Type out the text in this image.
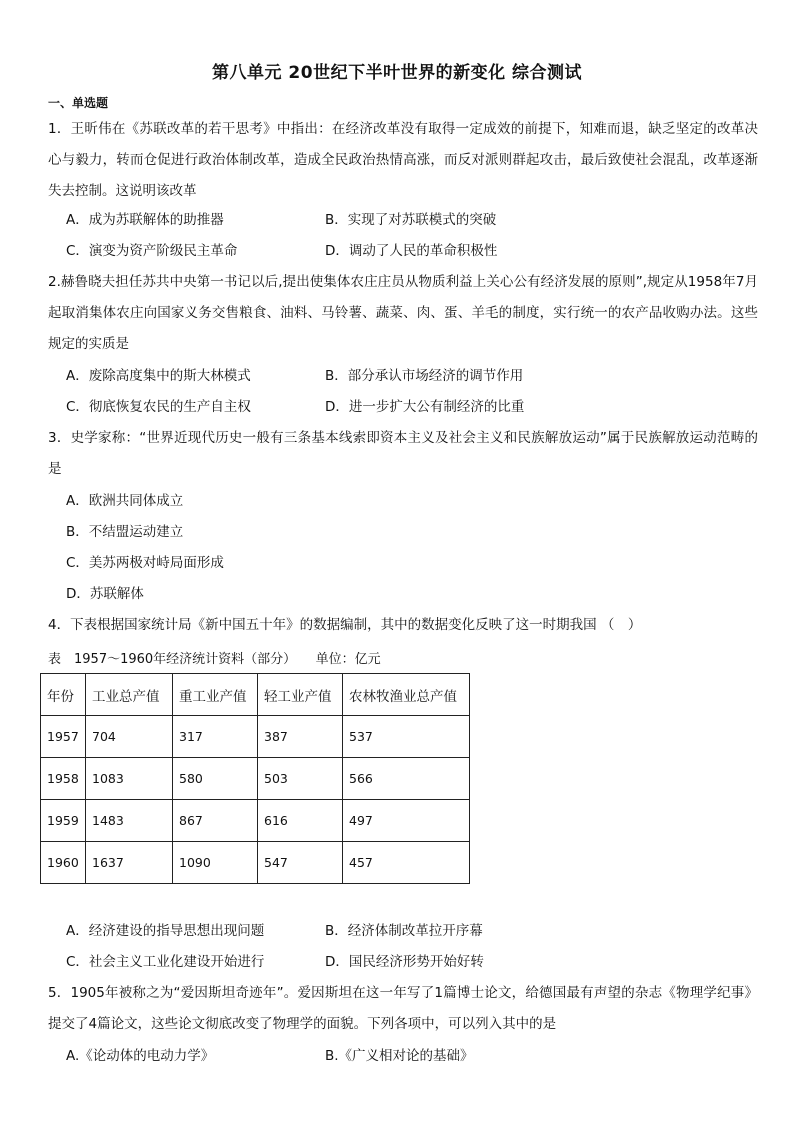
第八单元 20世纪下半叶世界的新变化 综合测试
一、单选题
1．王昕伟在《苏联改革的若干思考》中指出：在经济改革没有取得一定成效的前提下，知难而退，缺乏坚定的改革决心与毅力，转而仓促进行政治体制改革，造成全民政治热情高涨，而反对派则群起攻击，最后致使社会混乱，改革逐渐失去控制。这说明该改革
A．成为苏联解体的助推器	B．实现了对苏联模式的突破
C．演变为资产阶级民主革命	D．调动了人民的革命积极性
2.赫鲁晓夫担任苏共中央第一书记以后,提出使集体农庄庄员从物质利益上关心公有经济发展的原则”,规定从1958年7月起取消集体农庄向国家义务交售粮食、油料、马铃薯、蔬菜、肉、蛋、羊毛的制度，实行统一的农产品收购办法。这些规定的实质是
A．废除高度集中的斯大林模式	B．部分承认市场经济的调节作用
C．彻底恢复农民的生产自主权	D．进一步扩大公有制经济的比重
3．史学家称：“世界近现代历史一般有三条基本线索即资本主义及社会主义和民族解放运动”属于民族解放运动范畴的是
A．欧洲共同体成立
B．不结盟运动建立
C．美苏两极对峙局面形成
D．苏联解体
4．下表根据国家统计局《新中国五十年》的数据编制，其中的数据变化反映了这一时期我国 （　）
表　1957～1960年经济统计资料（部分）　　单位：亿元
年份	工业总产值	重工业产值	轻工业产值	农林牧渔业总产值
1957	704	317	387	537
1958	1083	580	503	566
1959	1483	867	616	497
1960	1637	1090	547	457
A．经济建设的指导思想出现问题	B．经济体制改革拉开序幕
C．社会主义工业化建设开始进行	D．国民经济形势开始好转
5．1905年被称之为“爱因斯坦奇迹年”。爱因斯坦在这一年写了1篇博士论文，给德国最有声望的杂志《物理学纪事》提交了4篇论文，这些论文彻底改变了物理学的面貌。下列各项中，可以列入其中的是
A.《论动体的电动力学》	B.《广义相对论的基础》
